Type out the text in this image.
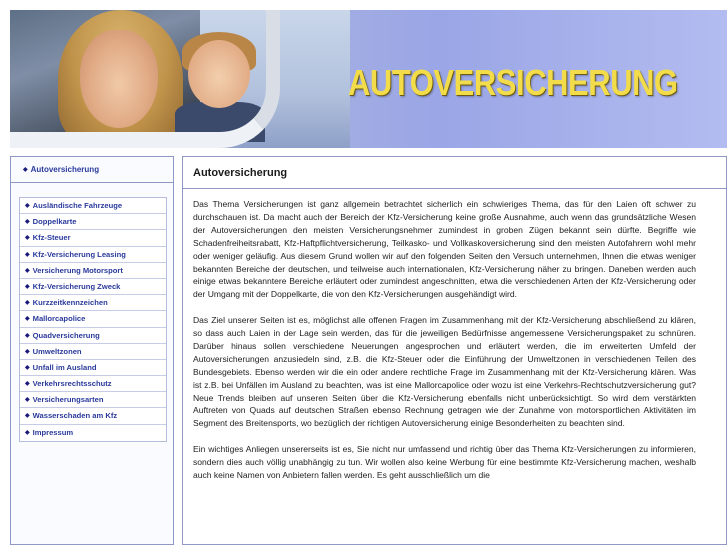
AUTOVERSICHERUNG
◆ Autoversicherung
◆ Ausländische Fahrzeuge
◆ Doppelkarte
◆ Kfz-Steuer
◆ Kfz-Versicherung Leasing
◆ Versicherung Motorsport
◆ Kfz-Versicherung Zweck
◆ Kurzzeitkennzeichen
◆ Mallorcapolice
◆ Quadversicherung
◆ Umweltzonen
◆ Unfall im Ausland
◆ Verkehrsrechtsschutz
◆ Versicherungsarten
◆ Wasserschaden am Kfz
◆ Impressum
Autoversicherung

Das Thema Versicherungen ist ganz allgemein betrachtet sicherlich ein schwieriges Thema, das für den Laien oft schwer zu durchschauen ist. Da macht auch der Bereich der Kfz-Versicherung keine große Ausnahme, auch wenn das grundsätzliche Wesen der Autoversicherungen den meisten Versicherungsnehmer zumindest in groben Zügen bekannt sein dürfte. Begriffe wie Schadenfreiheitsrabatt, Kfz-Haftpflichtversicherung, Teilkasko- und Vollkaskoversicherung sind den meisten Autofahrern wohl mehr oder weniger geläufig. Aus diesem Grund wollen wir auf den folgenden Seiten den Versuch unternehmen, Ihnen die etwas weniger bekannten Bereiche der deutschen, und teilweise auch internationalen, Kfz-Versicherung näher zu bringen. Daneben werden auch einige etwas bekanntere Bereiche erläutert oder zumindest angeschnitten, etwa die verschiedenen Arten der Kfz-Versicherung oder der Umgang mit der Doppelkarte, die von den Kfz-Versicherungen ausgehändigt wird.

Das Ziel unserer Seiten ist es, möglichst alle offenen Fragen im Zusammenhang mit der Kfz-Versicherung abschließend zu klären, so dass auch Laien in der Lage sein werden, das für die jeweiligen Bedürfnisse angemessene Versicherungspaket zu schnüren. Darüber hinaus sollen verschiedene Neuerungen angesprochen und erläutert werden, die im erweiterten Umfeld der Autoversicherungen anzusiedeln sind, z.B. die Kfz-Steuer oder die Einführung der Umweltzonen in verschiedenen Teilen des Bundesgebiets. Ebenso werden wir die ein oder andere rechtliche Frage im Zusammenhang mit der Kfz-Versicherung klären. Was ist z.B. bei Unfällen im Ausland zu beachten, was ist eine Mallorcapolice oder wozu ist eine Verkehrs-Rechtschutzversicherung gut? Neue Trends bleiben auf unseren Seiten über die Kfz-Versicherung ebenfalls nicht unberücksichtigt. So wird dem verstärkten Auftreten von Quads auf deutschen Straßen ebenso Rechnung getragen wie der Zunahme von motorsportlichen Aktivitäten im Segment des Breitensports, wo bezüglich der richtigen Autoversicherung einige Besonderheiten zu beachten sind.

Ein wichtiges Anliegen unsererseits ist es, Sie nicht nur umfassend und richtig über das Thema Kfz-Versicherungen zu informieren, sondern dies auch völlig unabhängig zu tun. Wir wollen also keine Werbung für eine bestimmte Kfz-Versicherung machen, weshalb auch keine Namen von Anbietern fallen werden. Es geht ausschließlich um die
